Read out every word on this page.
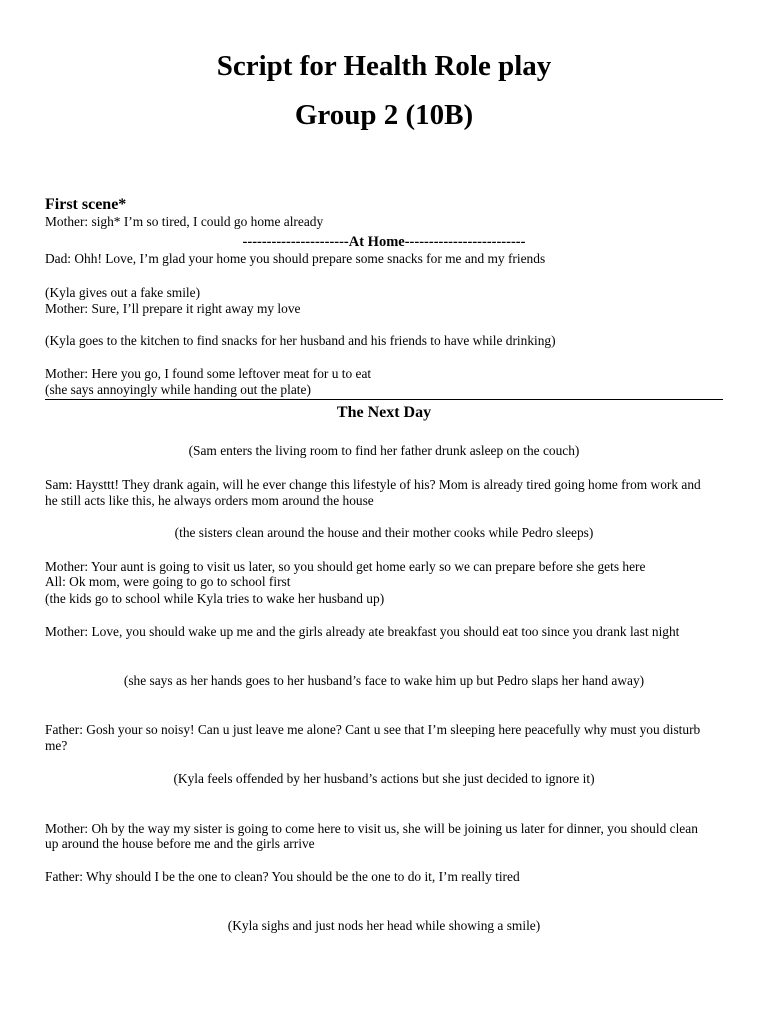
Script for Health Role play
Group 2 (10B)
First scene*
Mother: sigh* I’m so tired, I could go home already
----------------------At Home-------------------------
Dad: Ohh! Love, I’m glad your home you should prepare some snacks for me and my friends
(Kyla gives out a fake smile)
Mother: Sure, I’ll prepare it right away my love
(Kyla goes to the kitchen to find snacks for her husband and his friends to have while drinking)
Mother: Here you go, I found some leftover meat for u to eat
(she says annoyingly while handing out the plate)
The Next Day
(Sam enters the living room to find her father drunk asleep on the couch)
Sam: Haysttt! They drank again, will he ever change this lifestyle of his? Mom is already tired going home from work and
he still acts like this, he always orders mom around the house
(the sisters clean around the house and their mother cooks while Pedro sleeps)
Mother: Your aunt is going to visit us later, so you should get home early so we can prepare before she gets here
All: Ok mom, were going to go to school first
(the kids go to school while Kyla tries to wake her husband up)
Mother: Love, you should wake up me and the girls already ate breakfast you should eat too since you drank last night
(she says as her hands goes to her husband’s face to wake him up but Pedro slaps her hand away)
Father: Gosh your so noisy! Can u just leave me alone? Cant u see that I’m sleeping here peacefully why must you disturb
me?
(Kyla feels offended by her husband’s actions but she just decided to ignore it)
Mother: Oh by the way my sister is going to come here to visit us, she will be joining us later for dinner, you should clean
up around the house before me and the girls arrive
Father: Why should I be the one to clean? You should be the one to do it, I’m really tired
(Kyla sighs and just nods her head while showing a smile)
